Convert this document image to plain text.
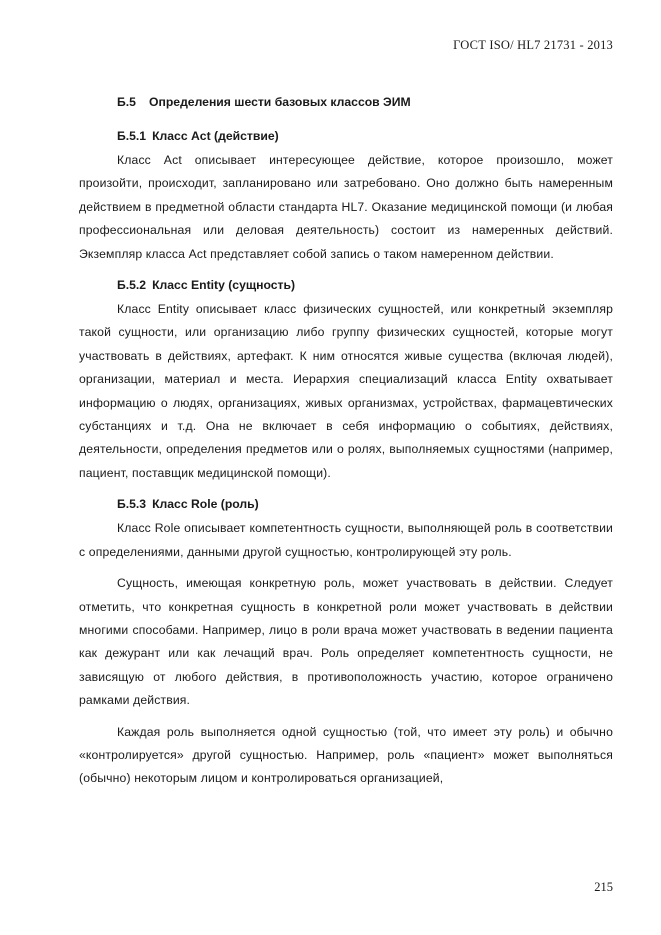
ГОСТ ISO/ HL7 21731 - 2013
Б.5 Определения шести базовых классов ЭИМ
Б.5.1 Класс Act (действие)

Класс Act описывает интересующее действие, которое произошло, может произойти, происходит, запланировано или затребовано. Оно должно быть намеренным действием в предметной области стандарта HL7. Оказание медицинской помощи (и любая профессиональная или деловая деятельность) состоит из намеренных действий. Экземпляр класса Act представляет собой запись о таком намеренном действии.

Б.5.2 Класс Entity (сущность)

Класс Entity описывает класс физических сущностей, или конкретный экземпляр такой сущности, или организацию либо группу физических сущностей, которые могут участвовать в действиях, артефакт. К ним относятся живые существа (включая людей), организации, материал и места. Иерархия специализаций класса Entity охватывает информацию о людях, организациях, живых организмах, устройствах, фармацевтических субстанциях и т.д. Она не включает в себя информацию о событиях, действиях, деятельности, определения предметов или о ролях, выполняемых сущностями (например, пациент, поставщик медицинской помощи).

Б.5.3 Класс Role (роль)

Класс Role описывает компетентность сущности, выполняющей роль в соответствии с определениями, данными другой сущностью, контролирующей эту роль.

Сущность, имеющая конкретную роль, может участвовать в действии. Следует отметить, что конкретная сущность в конкретной роли может участвовать в действии многими способами. Например, лицо в роли врача может участвовать в ведении пациента как дежурант или как лечащий врач. Роль определяет компетентность сущности, не зависящую от любого действия, в противоположность участию, которое ограничено рамками действия.

Каждая роль выполняется одной сущностью (той, что имеет эту роль) и обычно «контролируется» другой сущностью. Например, роль «пациент» может выполняться (обычно) некоторым лицом и контролироваться организацией,

215
